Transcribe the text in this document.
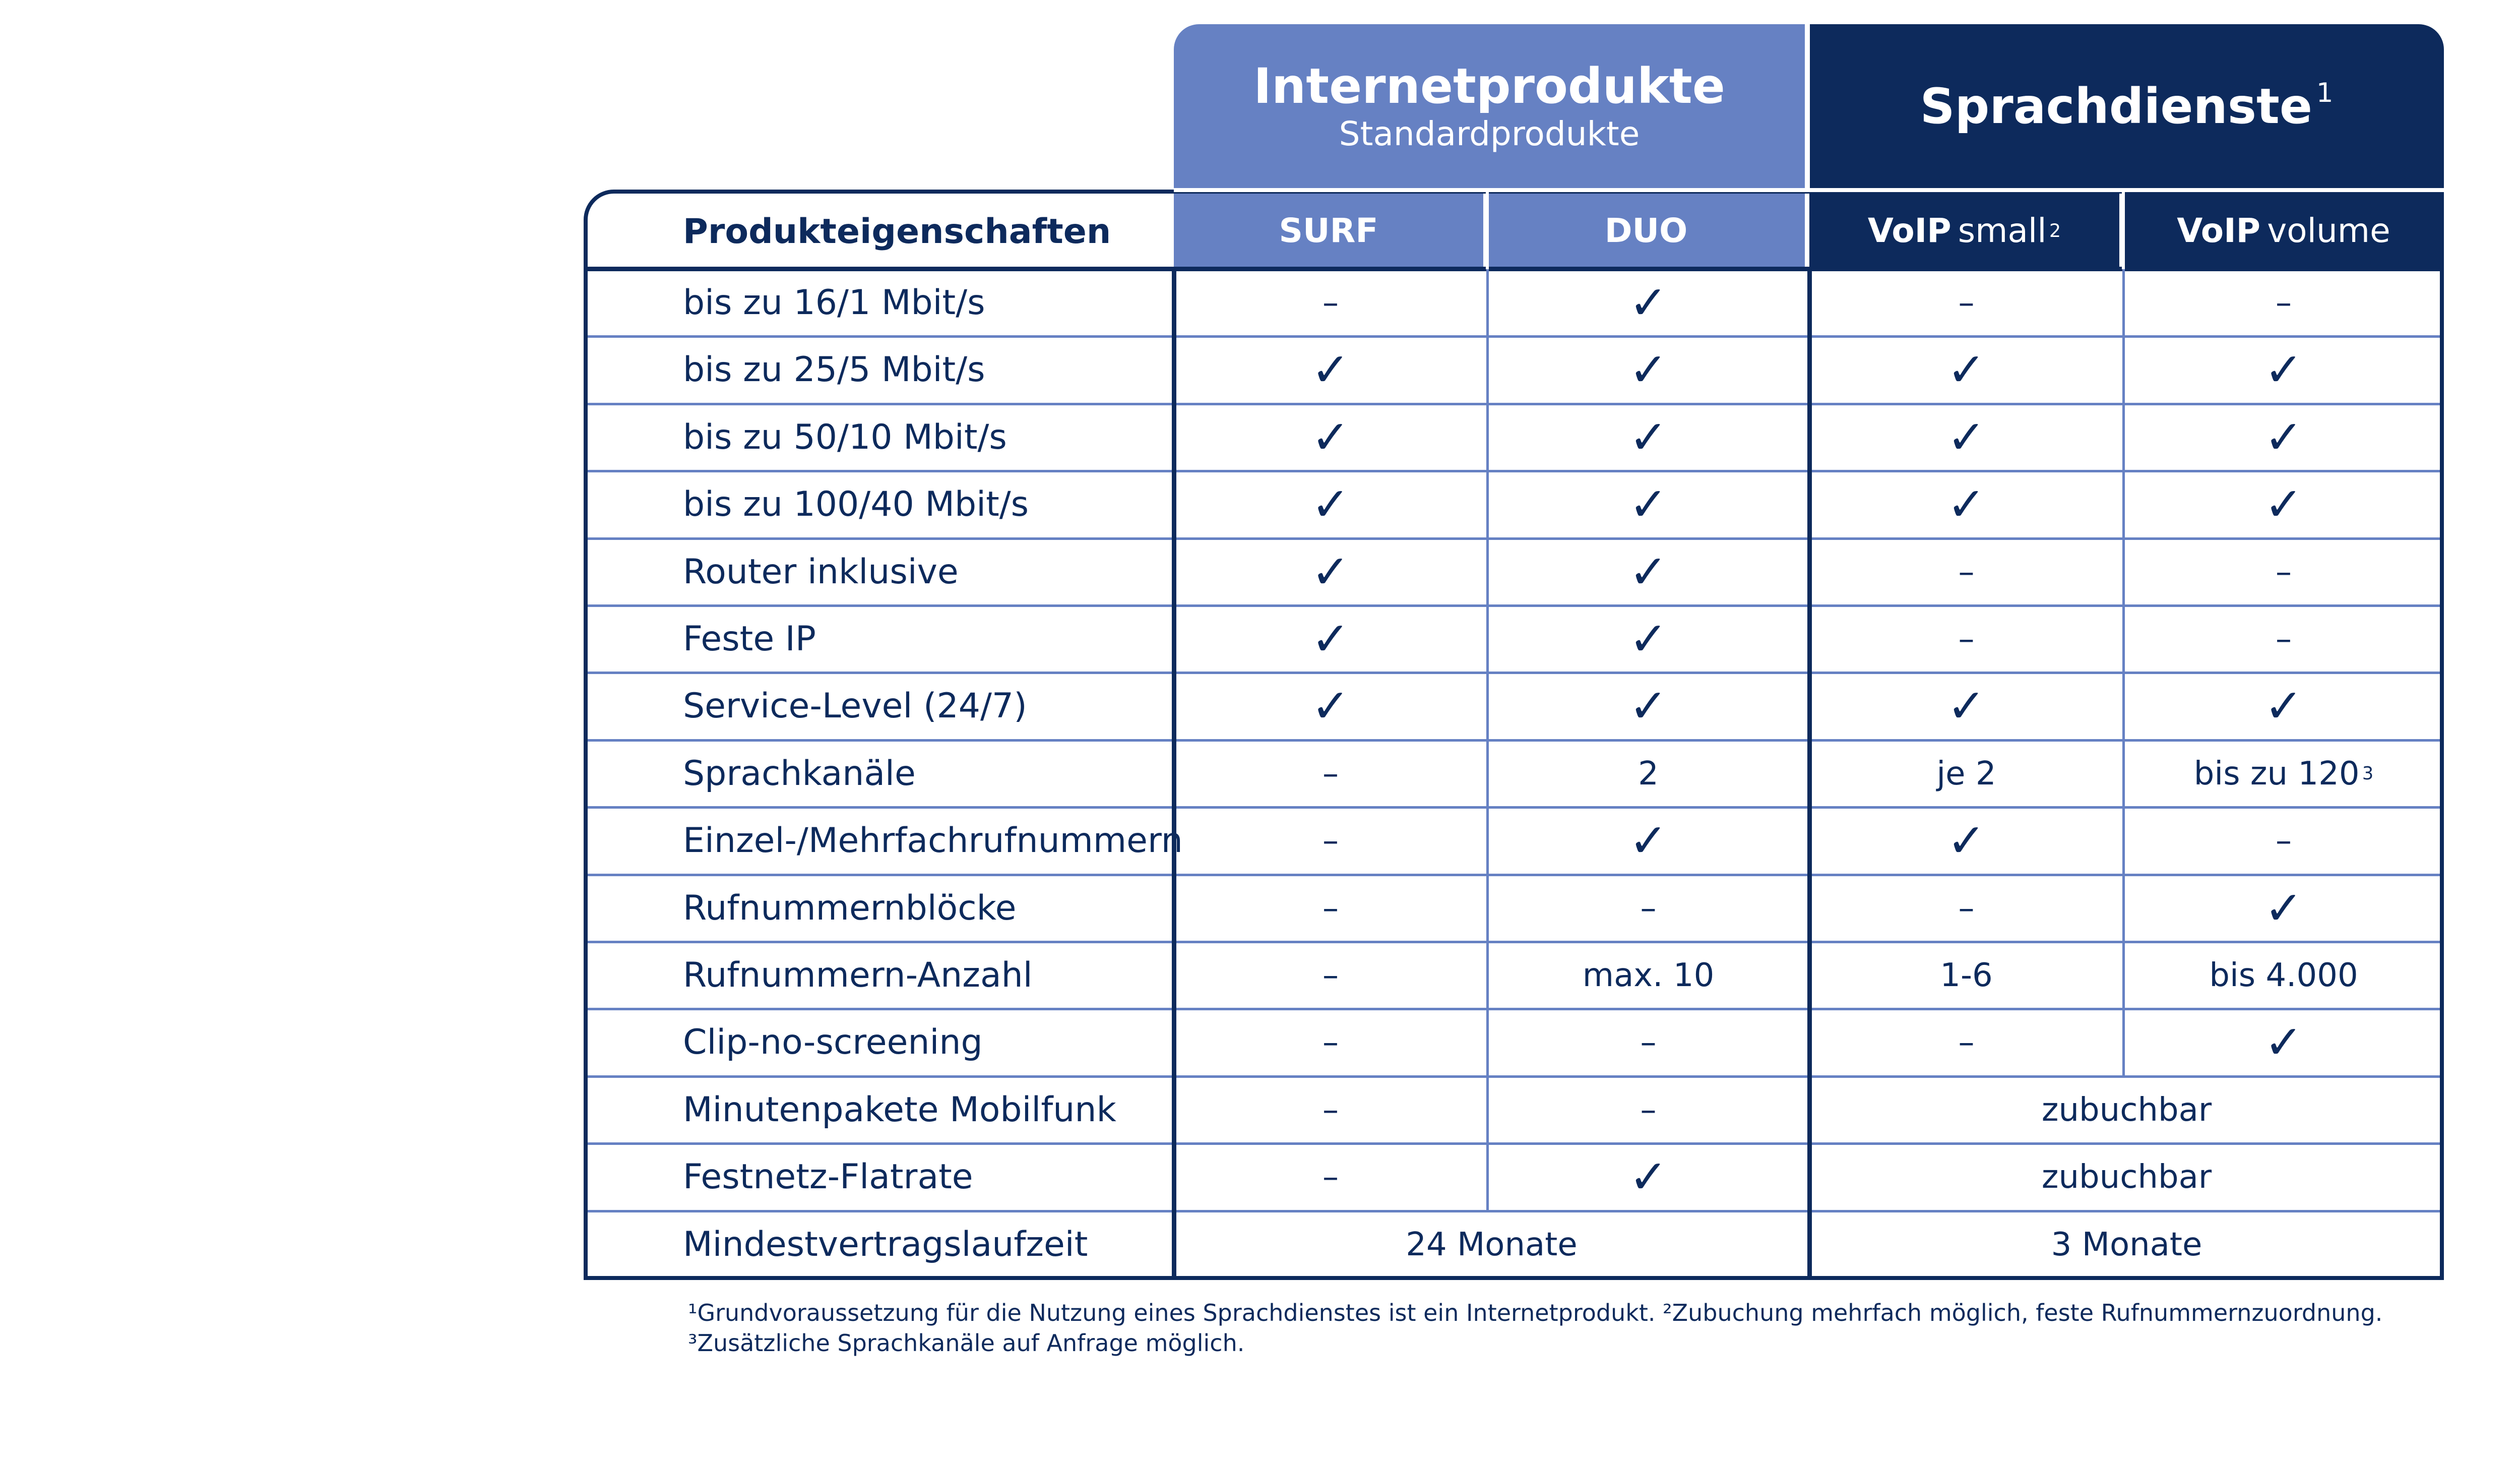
Internetprodukte
Standardprodukte	Sprachdienste $^1$
SURF	DUO	VoIP small 2	VoIP volume
Produkteigenschaften
bis zu 16/1 Mbit/s	–	✓	–	–
bis zu 25/5 Mbit/s	✓	✓	✓	✓
bis zu 50/10 Mbit/s	✓	✓	✓	✓
bis zu 100/40 Mbit/s	✓	✓	✓	✓
Router inklusive	✓	✓	–	–
Feste IP	✓	✓	–	–
Service-Level (24/7)	✓	✓	✓	✓
Sprachkanäle	–	2	je 2	bis zu 120 3
Einzel-/Mehrfachrufnummern	–	✓	✓	–
Rufnummernblöcke	–	–	–	✓
Rufnummern-Anzahl	–	max. 10	1-6	bis 4.000
Clip-no-screening	–	–	–	✓
Minutenpakete Mobilfunk	–	–	zubuchbar
Festnetz-Flatrate	–	✓	zubuchbar
Mindestvertragslaufzeit	24 Monate	3 Monate
¹Grundvoraussetzung für die Nutzung eines Sprachdienstes ist ein Internetprodukt. ²Zubuchung mehrfach möglich, feste Rufnummernzuordnung.
³Zusätzliche Sprachkanäle auf Anfrage möglich.
